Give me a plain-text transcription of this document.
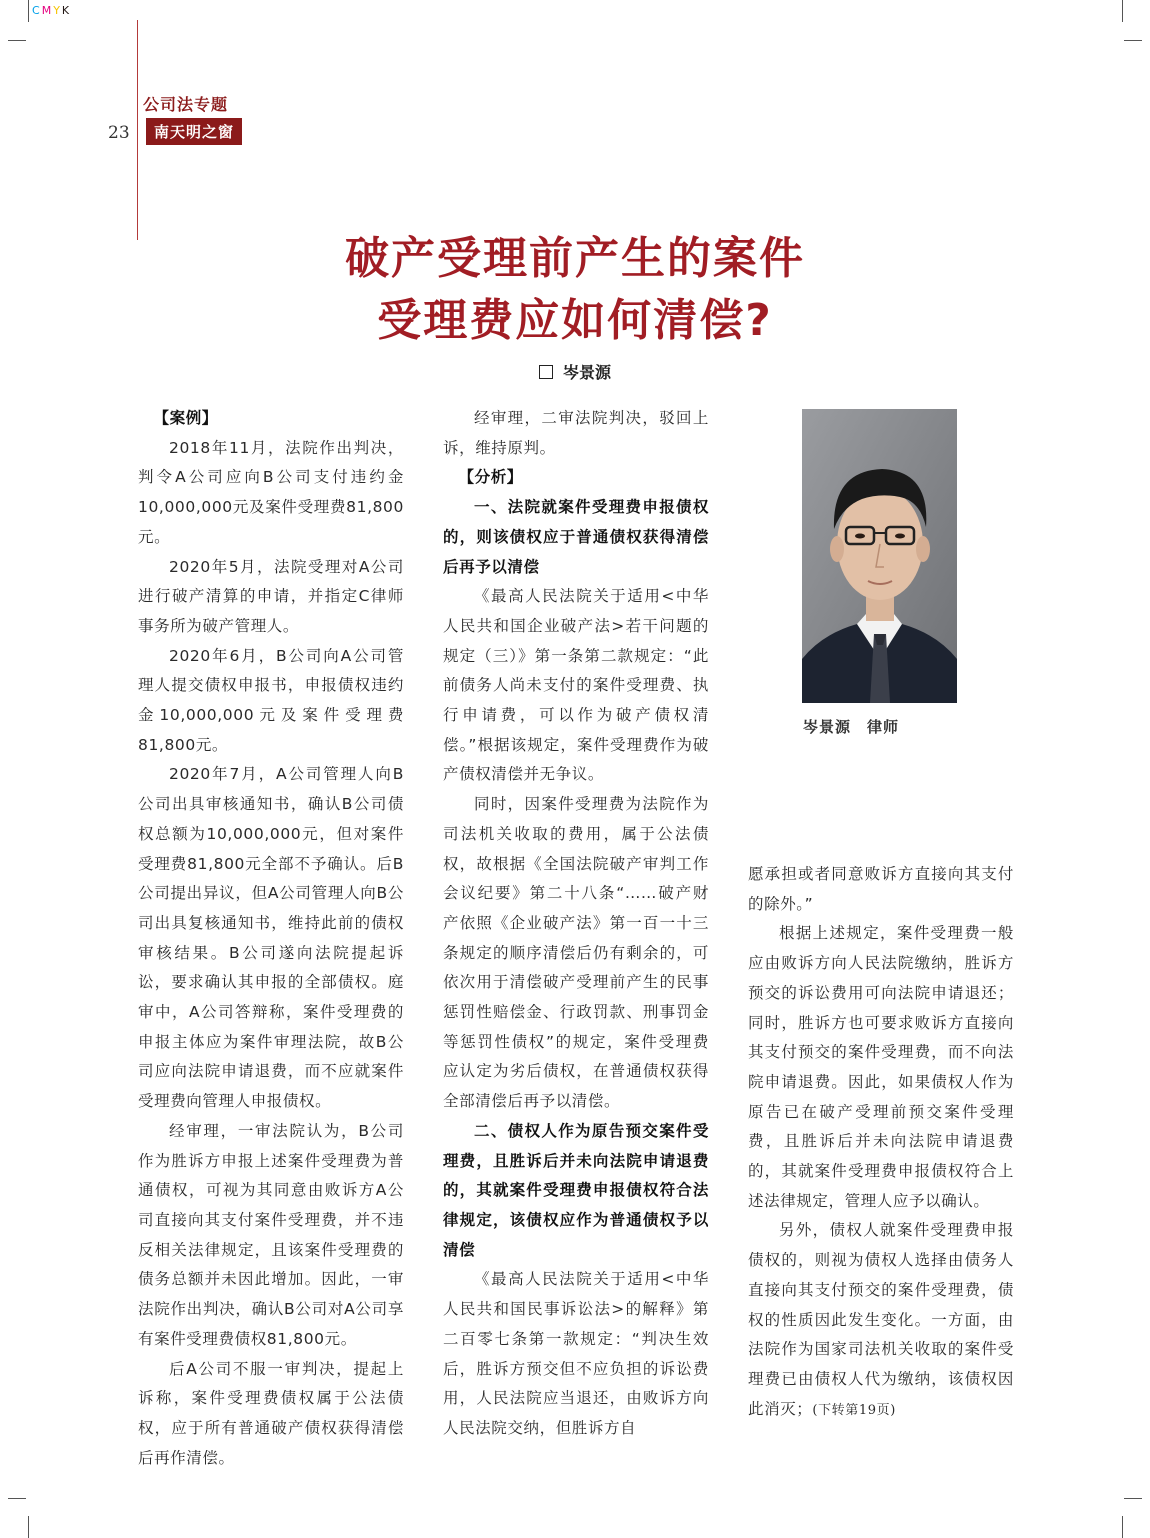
CMYK
公司法专题
23	南天明之窗
破产受理前产生的案件
受理费应如何清偿?
岑景源

【案例】

2018年11月，法院作出判决，判令A公司应向B公司支付违约金10,000,000元及案件受理费81,800元。

2020年5月，法院受理对A公司进行破产清算的申请，并指定C律师事务所为破产管理人。

2020年6月，B公司向A公司管理人提交债权申报书，申报债权违约金10,000,000元及案件受理费81,800元。

2020年7月，A公司管理人向B公司出具审核通知书，确认B公司债权总额为10,000,000元，但对案件受理费81,800元全部不予确认。后B公司提出异议，但A公司管理人向B公司出具复核通知书，维持此前的债权审核结果。B公司遂向法院提起诉讼，要求确认其申报的全部债权。庭审中，A公司答辩称，案件受理费的申报主体应为案件审理法院，故B公司应向法院申请退费，而不应就案件受理费向管理人申报债权。

经审理，一审法院认为，B公司作为胜诉方申报上述案件受理费为普通债权，可视为其同意由败诉方A公司直接向其支付案件受理费，并不违反相关法律规定，且该案件受理费的债务总额并未因此增加。因此，一审法院作出判决，确认B公司对A公司享有案件受理费债权81,800元。

后A公司不服一审判决，提起上诉称，案件受理费债权属于公法债权，应于所有普通破产债权获得清偿后再作清偿。

经审理，二审法院判决，驳回上诉，维持原判。

【分析】

一、法院就案件受理费申报债权的，则该债权应于普通债权获得清偿后再予以清偿

《最高人民法院关于适用<中华人民共和国企业破产法>若干问题的规定（三）》第一条第二款规定：“此前债务人尚未支付的案件受理费、执行申请费，可以作为破产债权清偿。”根据该规定，案件受理费作为破产债权清偿并无争议。

同时，因案件受理费为法院作为司法机关收取的费用，属于公法债权，故根据《全国法院破产审判工作会议纪要》第二十八条“……破产财产依照《企业破产法》第一百一十三条规定的顺序清偿后仍有剩余的，可依次用于清偿破产受理前产生的民事惩罚性赔偿金、行政罚款、刑事罚金等惩罚性债权”的规定，案件受理费应认定为劣后债权，在普通债权获得全部清偿后再予以清偿。

二、债权人作为原告预交案件受理费，且胜诉后并未向法院申请退费的，其就案件受理费申报债权符合法律规定，该债权应作为普通债权予以清偿

《最高人民法院关于适用<中华人民共和国民事诉讼法>的解释》第二百零七条第一款规定：“判决生效后，胜诉方预交但不应负担的诉讼费用，人民法院应当退还，由败诉方向人民法院交纳，但胜诉方自

岑景源　律师

愿承担或者同意败诉方直接向其支付的除外。”

根据上述规定，案件受理费一般应由败诉方向人民法院缴纳，胜诉方预交的诉讼费用可向法院申请退还；同时，胜诉方也可要求败诉方直接向其支付预交的案件受理费，而不向法院申请退费。因此，如果债权人作为原告已在破产受理前预交案件受理费，且胜诉后并未向法院申请退费的，其就案件受理费申报债权符合上述法律规定，管理人应予以确认。

另外，债权人就案件受理费申报债权的，则视为债权人选择由债务人直接向其支付预交的案件受理费，债权的性质因此发生变化。一方面，由法院作为国家司法机关收取的案件受理费已由债权人代为缴纳，该债权因此消灭；(下转第19页)
